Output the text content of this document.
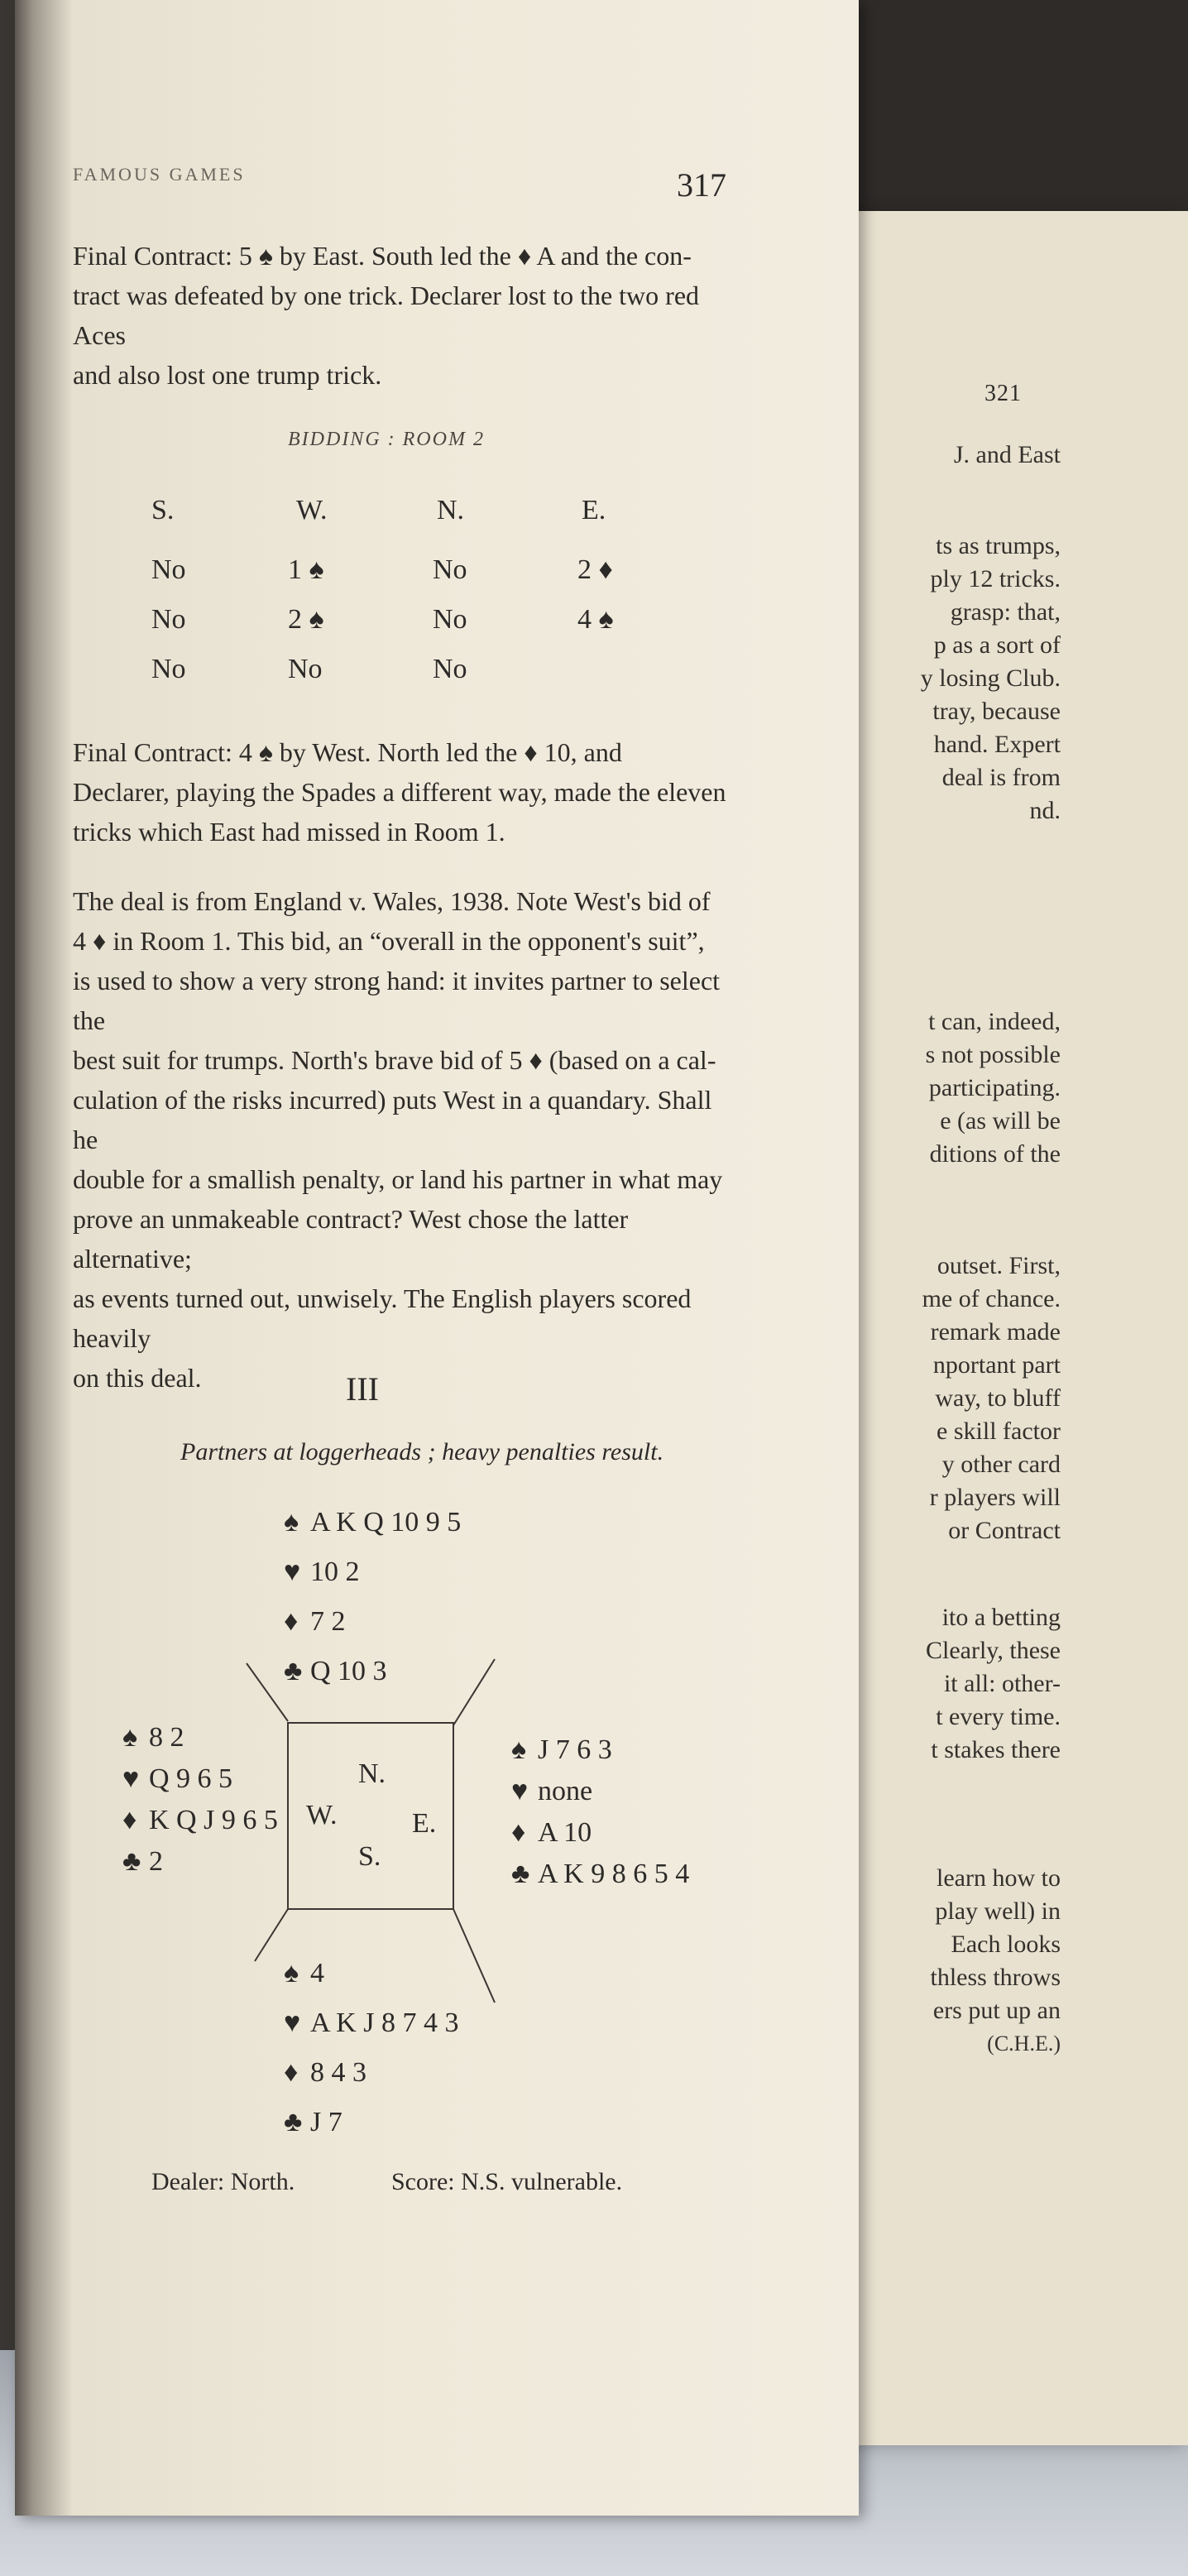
321
J. and East
ts as trumps,
ply 12 tricks.
grasp: that,
p as a sort of
y losing Club.
tray, because
hand. Expert
deal is from
nd.
t can, indeed,
s not possible
participating.
e (as will be
ditions of the
outset. First,
me of chance.
remark made
nportant part
way, to bluff
e skill factor
y other card
r players will
or Contract
ito a betting
Clearly, these
it all: other-
t every time.
t stakes there
learn how to
play well) in
Each looks
thless throws
ers put up an
(C.H.E.)
FAMOUS GAMES	317
Final Contract: 5 ♠ by East. South led the ♦ A and the con-
tract was defeated by one trick. Declarer lost to the two red Aces
and also lost one trump trick.
BIDDING : ROOM 2
S.	W.	N.	E.
No	1 ♠	No	2 ♦
No	2 ♠	No	4 ♠
No	No	No
Final Contract: 4 ♠ by West. North led the ♦ 10, and
Declarer, playing the Spades a different way, made the eleven
tricks which East had missed in Room 1.
The deal is from England v. Wales, 1938. Note West's bid of
4 ♦ in Room 1. This bid, an “overall in the opponent's suit”,
is used to show a very strong hand: it invites partner to select the
best suit for trumps. North's brave bid of 5 ♦ (based on a cal-
culation of the risks incurred) puts West in a quandary. Shall he
double for a smallish penalty, or land his partner in what may
prove an unmakeable contract? West chose the latter alternative;
as events turned out, unwisely. The English players scored heavily
on this deal.	III
Partners at loggerheads ; heavy penalties result.
N.
W.	E.
S.
♠ A K Q 10 9 5
♥ 10 2
♦ 7 2
♣ Q 10 3
♠ 8 2
♥ Q 9 6 5
♦ K Q J 9 6 5
♣ 2
♠ J 7 6 3
♥ none
♦ A 10
♣ A K 9 8 6 5 4
♠ 4
♥ A K J 8 7 4 3
♦ 8 4 3
♣ J 7
Dealer: North.	Score: N.S. vulnerable.
